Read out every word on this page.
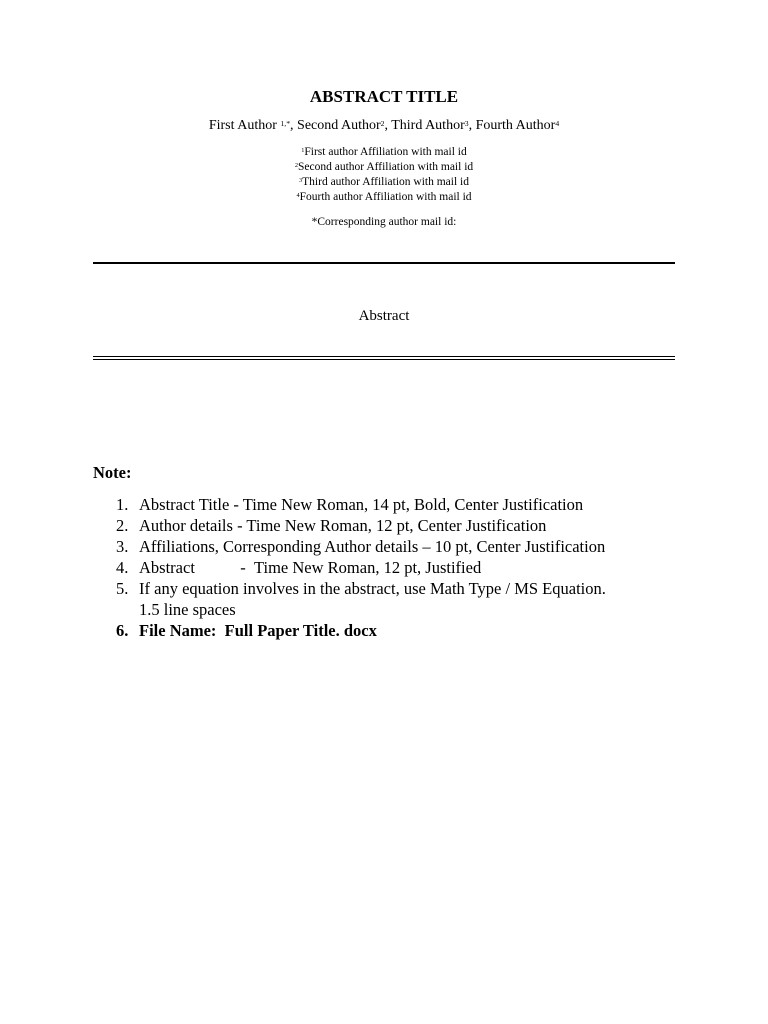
ABSTRACT TITLE
First Author $^{1,*}$, Second Author$^2$, Third Author$^3$, Fourth Author$^4$
$^1$First author Affiliation with mail id
$^2$Second author Affiliation with mail id
$^3$Third author Affiliation with mail id
$^4$Fourth author Affiliation with mail id
*Corresponding author mail id:
Abstract
Note:
1. Abstract Title - Time New Roman, 14 pt, Bold, Center Justification
2. Author details - Time New Roman, 12 pt, Center Justification
3. Affiliations, Corresponding Author details – 10 pt, Center Justification
4. Abstract           -  Time New Roman, 12 pt, Justified
5. If any equation involves in the abstract, use Math Type / MS Equation.
1.5 line spaces
6. File Name:  Full Paper Title. docx
